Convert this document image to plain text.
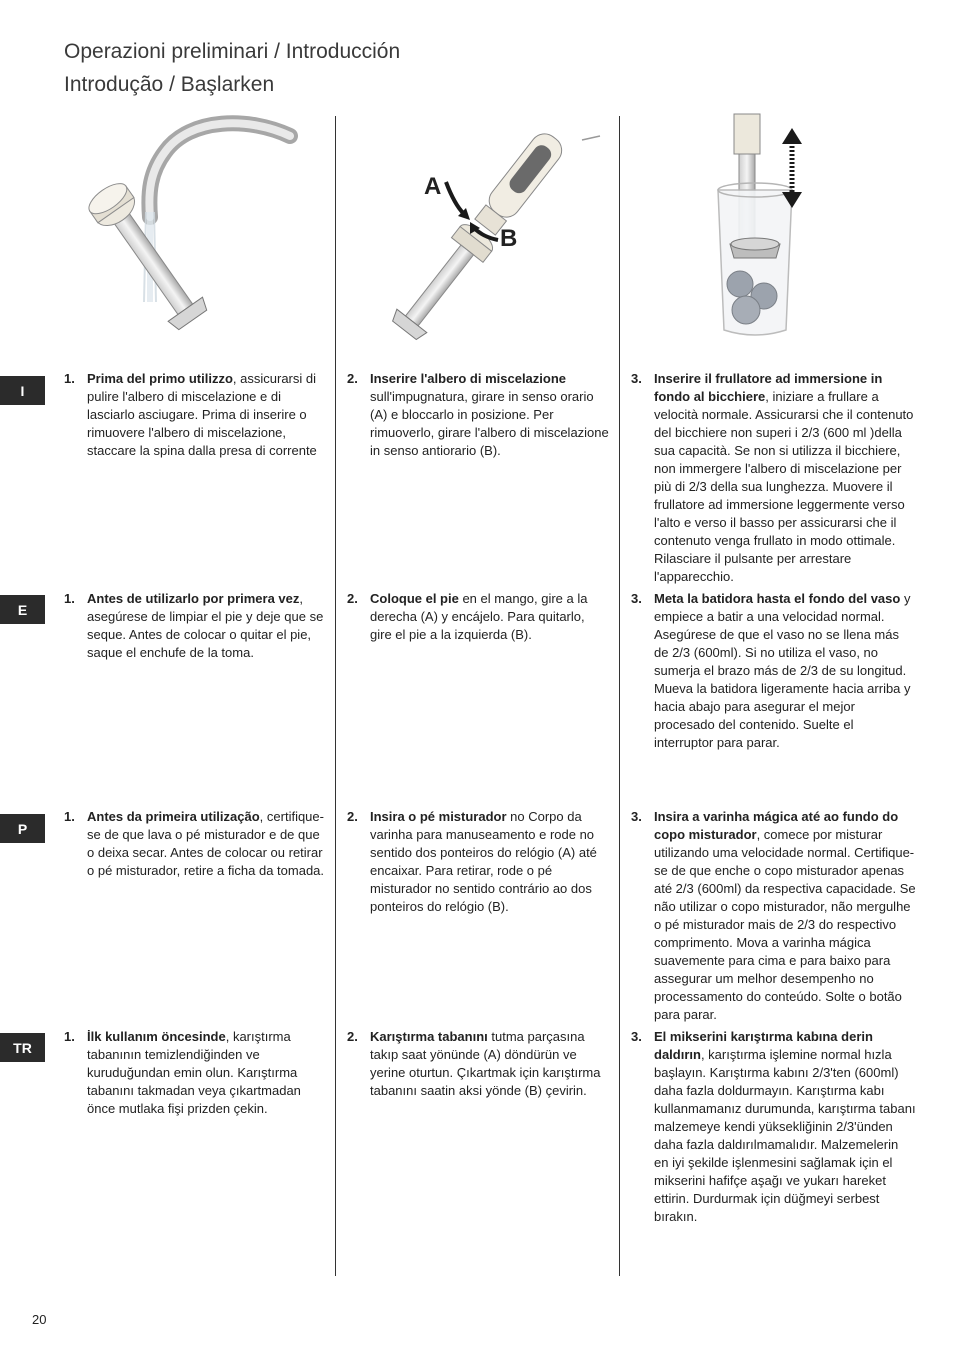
Operazioni preliminari / Introducción
Introdução / Başlarken
A
B
I
E
P
TR
1. Prima del primo utilizzo, assicurarsi di pulire l'albero di miscelazione e di lasciarlo asciugare. Prima di inserire o rimuovere l'albero di miscelazione, staccare la spina dalla presa di corrente
2. Inserire l'albero di miscelazione sull'impugnatura, girare in senso orario (A) e bloccarlo in posizione. Per rimuoverlo, girare l'albero di miscelazione in senso antiorario (B).
3. Inserire il frullatore ad immersione in fondo al bicchiere, iniziare a frullare a velocità normale. Assicurarsi che il contenuto del bicchiere non superi i 2/3 (600 ml )della sua capacità. Se non si utilizza il bicchiere, non immergere l'albero di miscelazione per più di 2/3 della sua lunghezza. Muovere il frullatore ad immersione leggermente verso l'alto e verso il basso per assicurarsi che il contenuto venga frullato in modo ottimale. Rilasciare il pulsante per arrestare l'apparecchio.
1. Antes de utilizarlo por primera vez, asegúrese de limpiar el pie y deje que se seque. Antes de colocar o quitar el pie, saque el enchufe de la toma.
2. Coloque el pie en el mango, gire a la derecha (A) y encájelo. Para quitarlo, gire el pie a la izquierda (B).
3. Meta la batidora hasta el fondo del vaso y empiece a batir a una velocidad normal. Asegúrese de que el vaso no se llena más de 2/3 (600ml). Si no utiliza el vaso, no sumerja el brazo más de 2/3 de su longitud. Mueva la batidora ligeramente hacia arriba y hacia abajo para asegurar el mejor procesado del contenido. Suelte el interruptor para parar.
1. Antes da primeira utilização, certifique-se de que lava o pé misturador e de que o deixa secar. Antes de colocar ou retirar o pé misturador, retire a ficha da tomada.
2. Insira o pé misturador no Corpo da varinha para manuseamento e rode no sentido dos ponteiros do relógio (A) até encaixar. Para retirar, rode o pé misturador no sentido contrário ao dos ponteiros do relógio (B).
3. Insira a varinha mágica até ao fundo do copo misturador, comece por misturar utilizando uma velocidade normal. Certifique-se de que enche o copo misturador apenas até 2/3 (600ml) da respectiva capacidade. Se não utilizar o copo misturador, não mergulhe o pé misturador mais de 2/3 do respectivo comprimento. Mova a varinha mágica suavemente para cima e para baixo para assegurar um melhor desempenho no processamento do conteúdo. Solte o botão para parar.
1. İlk kullanım öncesinde, karıştırma tabanının temizlendiğinden ve kuruduğundan emin olun. Karıştırma tabanını takmadan veya çıkartmadan önce mutlaka fişi prizden çekin.
2. Karıştırma tabanını tutma parçasına takıp saat yönünde (A) döndürün ve yerine oturtun. Çıkartmak için karıştırma tabanını saatin aksi yönde (B) çevirin.
3. El mikserini karıştırma kabına derin daldırın, karıştırma işlemine normal hızla başlayın. Karıştırma kabını 2/3'ten (600ml) daha fazla doldurmayın. Karıştırma kabı kullanmamanız durumunda, karıştırma tabanı malzemeye kendi yüksekliğinin 2/3'ünden daha fazla daldırılmamalıdır. Malzemelerin en iyi şekilde işlenmesini sağlamak için el mikserini hafifçe aşağı ve yukarı hareket ettirin. Durdurmak için düğmeyi serbest bırakın.
20
